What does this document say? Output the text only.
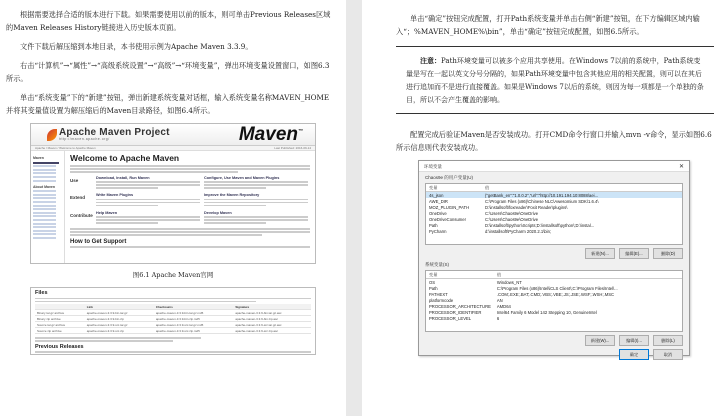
根据需要选择合适的版本进行下载。如果需要使用以前的版本，则可单击Previous Releases区域的Maven Releases History链接进入历史版本页面。

文件下载后解压缩到本地目录，本书使用示例为Apache Maven 3.3.9。

右击“计算机”→“属性”→“高级系统设置”→“高级”→“环境变量”，弹出环境变量设置窗口，如图6.3所示。

单击“系统变量”下的“新建”按钮，弹出新建系统变量对话框，输入系统变量名称MAVEN_HOME并将其变量值设置为解压缩后的Maven目录路径，如图6.4所示。

Apache Maven Project
http://maven.apache.org/	Maven™
Apache / Maven / Welcome to Apache Maven	Last Published: 2016-09-14
Maven
About Maven
Welcome to Apache Maven
Use	Download, Install, Run Maven	Configure, Use Maven and Maven Plugins
Extend	Write Maven Plugins	Improve the Maven Repository
Contribute Help Maven	Develop Maven
How to Get Support
图6.1 Apache Maven官网
Files
	Link	Checksums	Signature
Binary tar.gz archive	apache-maven-3.3.9-bin.tar.gz	apache-maven-3.3.9-bin.tar.gz.md5	apache-maven-3.3.9-bin.tar.gz.asc
Binary zip archive	apache-maven-3.3.9-bin.zip	apache-maven-3.3.9-bin.zip.md5	apache-maven-3.3.9-bin.zip.asc
Source tar.gz archive	apache-maven-3.3.9-src.tar.gz	apache-maven-3.3.9-src.tar.gz.md5	apache-maven-3.3.9-src.tar.gz.asc
Source zip archive	apache-maven-3.3.9-src.zip	apache-maven-3.3.9-src.zip.md5	apache-maven-3.3.9-src.zip.asc
Previous Releases

单击“确定”按钮完成配置，打开Path系统变量并单击右侧“新建”按钮，在下方编辑区域内输入“；%MAVEN_HOME%\bin”，单击“确定”按钮完成配置，如图6.5所示。

注意：Path环境变量可以被多个应用共享使用。在Windows 7以前的系统中，Path系统变量是写在一起以英文分号分隔的，如果Path环境变量中包含其他应用的相关配置，则可以在其后进行追加而不是进行直接覆盖。如果是Windows 7以后的系统，则因为每一项都是一个单独的条目，所以不会产生覆盖的影响。

配置完成后验证Maven是否安装成功。打开CMD命令行窗口并输入mvn -v命令，显示如图6.6所示信息则代表安装成功。

环境变量	✕
Chaos9e 的用户变量(U)
变量	值
4s_json	{"getBank_en":"1.0.0.2","url":"http://10.191.194.10:8088/aei...
AWE_DIR	C:\Program Files (x86)\Chinese NLC\Awesomium SDK\1.6.4\
MOZ_PLUGIN_PATH	D:\installsoft\foxreader\Foxit Reader\plugins\
OneDrive	C:\Users\Chaos9e\OneDrive
OneDriveConsumer	C:\Users\Chaos9e\OneDrive
Path	D:\installsoft\python\Scripts;D:\installsoft\python\;D:\instal...
PyCharm	d:\installsoft\PyCharm 2020.2.1\bin;
新建(N)...	编辑(E)...	删除(D)
系统变量(S)
变量	值
OS	Windows_NT
Path	C:\Program Files (x86)\Intel\iCLS Client\;C:\Program Files\Intel\...
PATHEXT	.COM;.EXE;.BAT;.CMD;.VBS;.VBE;.JS;.JSE;.WSF;.WSH;.MSC
platformcode	AN
PROCESSOR_ARCHITECTURE	AMD64
PROCESSOR_IDENTIFIER	Intel64 Family 6 Model 142 Stepping 10, GenuineIntel
PROCESSOR_LEVEL	6
新建(W)...	编辑(I)...	删除(L)
确定	取消
